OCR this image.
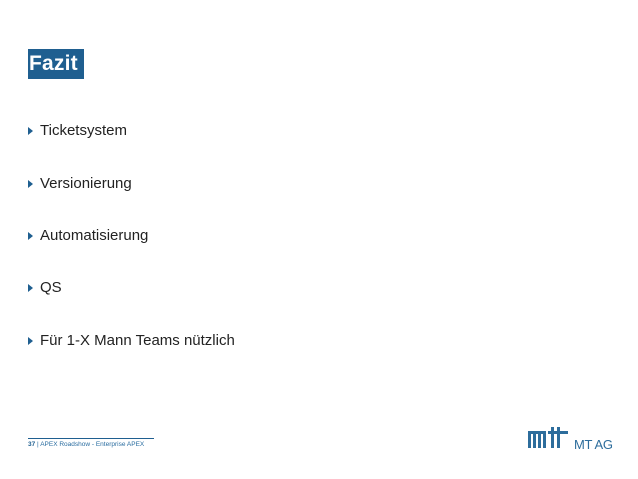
Fazit
Ticketsystem
Versionierung
Automatisierung
QS
Für 1-X Mann Teams nützlich
37 | APEX Roadshow - Enterprise APEX	MT AG
